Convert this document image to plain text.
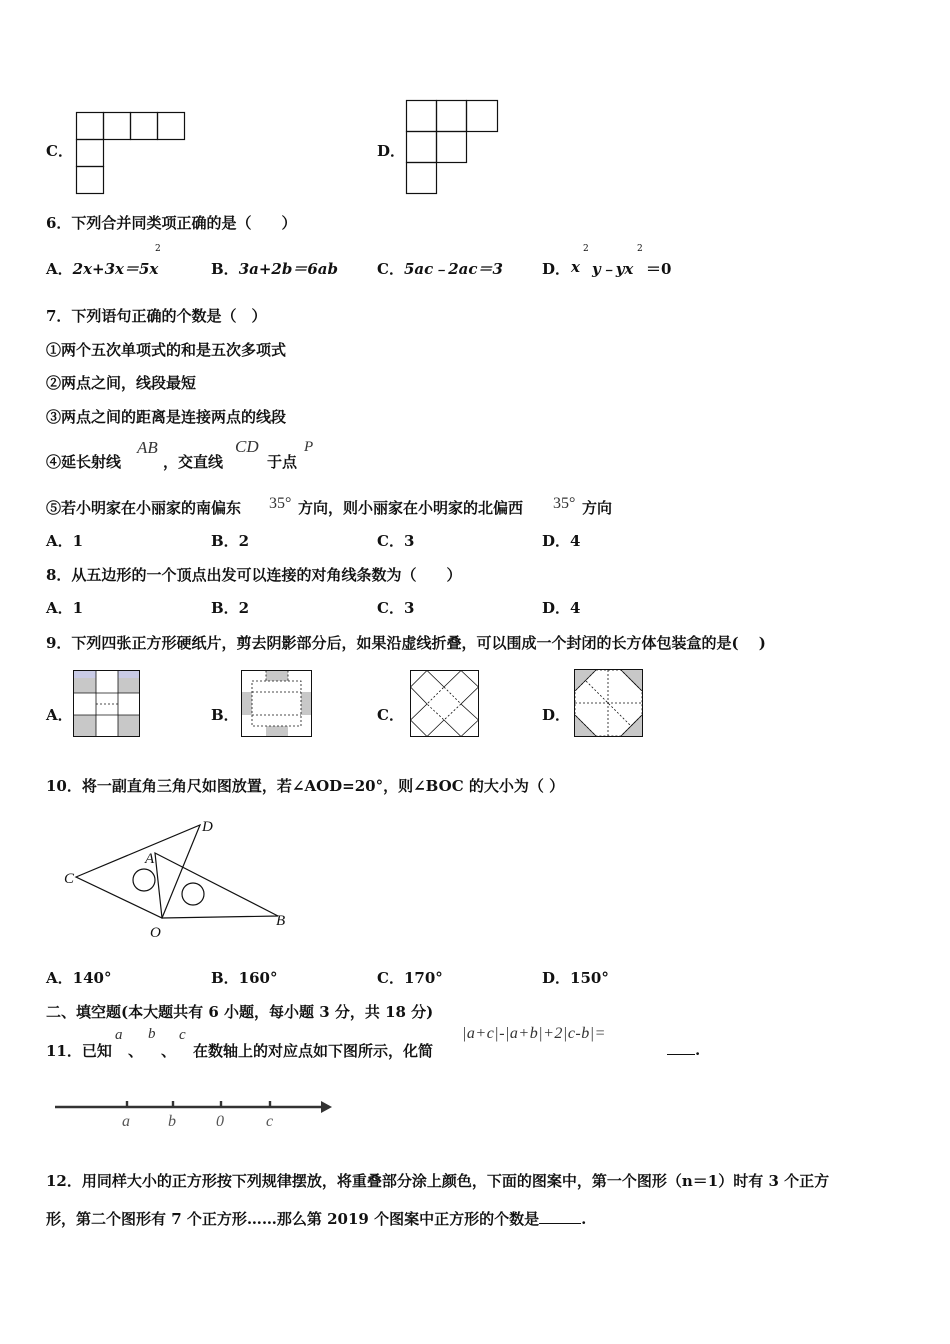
C．	D．
6．下列合并同类项正确的是（　　）
A．2x+3x＝5x
2
B．3a+2b＝6ab	C．5ac﹣2ac＝3	D． x
2
y﹣yx
2
＝0
7．下列语句正确的个数是（　）
①两个五次单项式的和是五次多项式
②两点之间，线段最短
③两点之间的距离是连接两点的线段
④延长射线
AB
，交直线
CD
于点
P
⑤若小明家在小丽家的南偏东 35° 方向，则小丽家在小明家的北偏西 35° 方向
A．1	B．2	C．3	D．4
8．从五边形的一个顶点出发可以连接的对角线条数为（　　）
A．1	B．2	C．3	D．4
9．下列四张正方形硬纸片，剪去阴影部分后，如果沿虚线折叠，可以围成一个封闭的长方体包装盒的是(　 )
A．	B．	C．	D．
10．将一副直角三角尺如图放置，若∠AOD=20°，则∠BOC 的大小为（ ）
C
A
D
O
B
A．140°	B．160°	C．170°	D．150°
二、填空题(本大题共有 6 小题，每小题 3 分，共 18 分)
11．已知
a
、
b
、
c
在数轴上的对应点如下图所示，化简
|a+c|-|a+b|+2|c-b|=
.
a b	0	c
12．用同样大小的正方形按下列规律摆放，将重叠部分涂上颜色，下面的图案中，第一个图形（n＝1）时有 3 个正方
形，第二个图形有 7 个正方形……那么第 2019 个图案中正方形的个数是	.
